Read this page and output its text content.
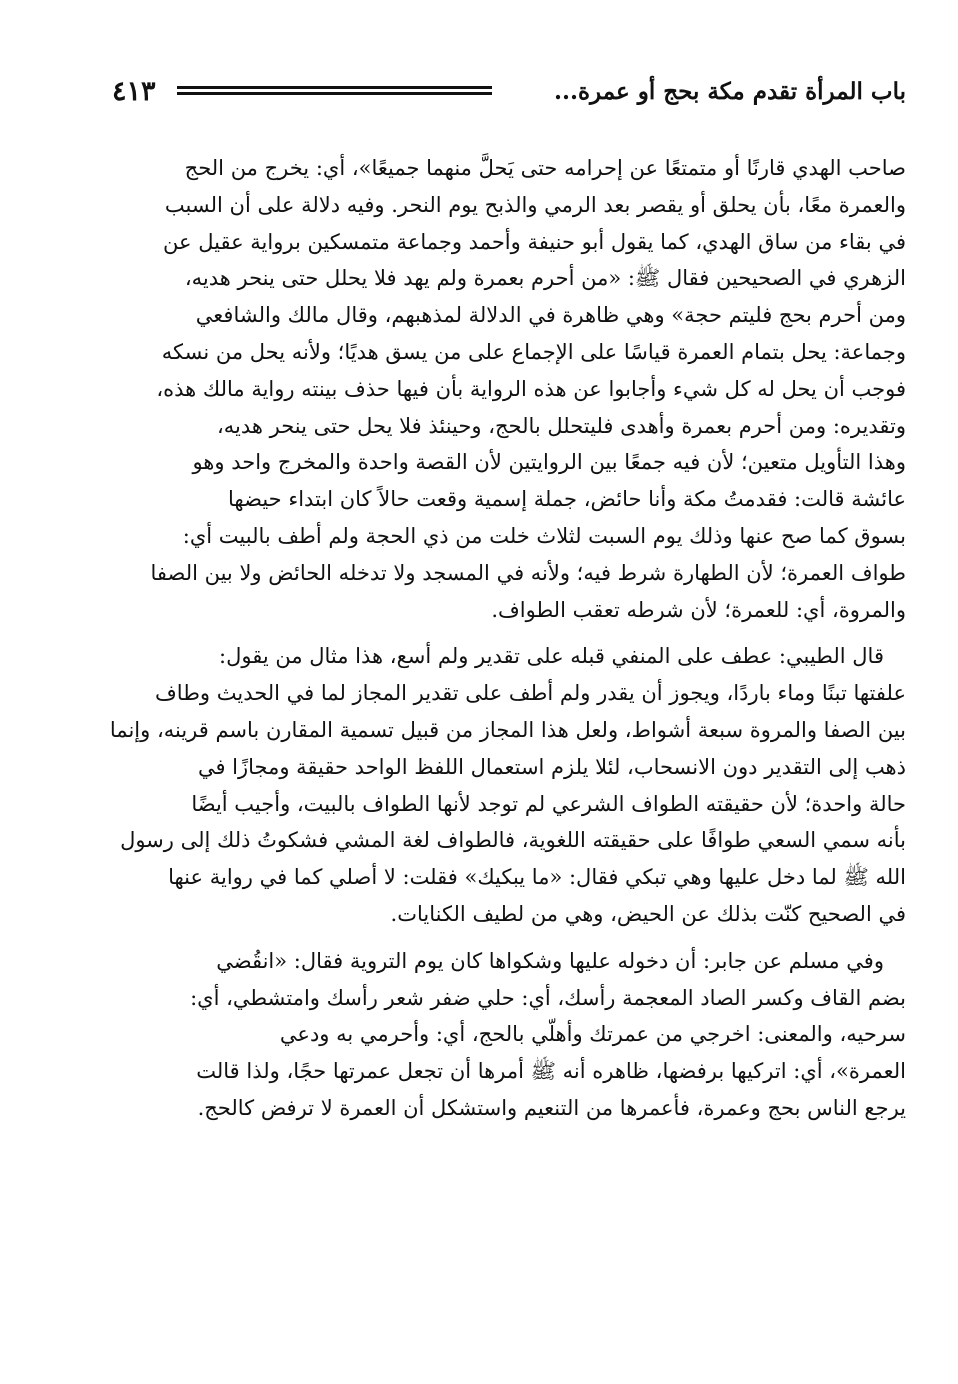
٤١٣	باب المرأة تقدم مكة بحج أو عمرة...
صاحب الهدي قارنًا أو متمتعًا عن إحرامه حتى يَحلَّ منهما جميعًا»، أي: يخرج من الحج
والعمرة معًا، بأن يحلق أو يقصر بعد الرمي والذبح يوم النحر. وفيه دلالة على أن السبب
في بقاء من ساق الهدي، كما يقول أبو حنيفة وأحمد وجماعة متمسكين برواية عقيل عن
الزهري في الصحيحين فقال ﷺ: «من أحرم بعمرة ولم يهد فلا يحلل حتى ينحر هديه،
ومن أحرم بحج فليتم حجة» وهي ظاهرة في الدلالة لمذهبهم، وقال مالك والشافعي
وجماعة: يحل بتمام العمرة قياسًا على الإجماع على من يسق هديًا؛ ولأنه يحل من نسكه
فوجب أن يحل له كل شيء وأجابوا عن هذه الرواية بأن فيها حذف بينته رواية مالك هذه،
وتقديره: ومن أحرم بعمرة وأهدى فليتحلل بالحج، وحينئذ فلا يحل حتى ينحر هديه،
وهذا التأويل متعين؛ لأن فيه جمعًا بين الروايتين لأن القصة واحدة والمخرج واحد وهو
عائشة قالت: فقدمتُ مكة وأنا حائض، جملة إسمية وقعت حالاً كان ابتداء حيضها
بسوق كما صح عنها وذلك يوم السبت لثلاث خلت من ذي الحجة ولم أطف بالبيت أي:
طواف العمرة؛ لأن الطهارة شرط فيه؛ ولأنه في المسجد ولا تدخله الحائض ولا بين الصفا
والمروة، أي: للعمرة؛ لأن شرطه تعقب الطواف.
قال الطيبي: عطف على المنفي قبله على تقدير ولم أسع، هذا مثال من يقول:
علفتها تبنًا وماء باردًا، ويجوز أن يقدر ولم أطف على تقدير المجاز لما في الحديث وطاف
بين الصفا والمروة سبعة أشواط، ولعل هذا المجاز من قبيل تسمية المقارن باسم قرينه، وإنما
ذهب إلى التقدير دون الانسحاب، لئلا يلزم استعمال اللفظ الواحد حقيقة ومجازًا في
حالة واحدة؛ لأن حقيقته الطواف الشرعي لم توجد لأنها الطواف بالبيت، وأجيب أيضًا
بأنه سمي السعي طوافًا على حقيقته اللغوية، فالطواف لغة المشي فشكوتُ ذلك إلى رسول
الله ﷺ لما دخل عليها وهي تبكي فقال: «ما يبكيك» فقلت: لا أصلي كما في رواية عنها
في الصحيح كنّت بذلك عن الحيض، وهي من لطيف الكنايات.
وفي مسلم عن جابر: أن دخوله عليها وشكواها كان يوم التروية فقال: «انقُضي
بضم القاف وكسر الصاد المعجمة رأسك، أي: حلي ضفر شعر رأسك وامتشطي، أي:
سرحيه، والمعنى: اخرجي من عمرتك وأهلّي بالحج، أي: وأحرمي به ودعي
العمرة»، أي: اتركيها برفضها، ظاهره أنه ﷺ أمرها أن تجعل عمرتها حجًا، ولذا قالت
يرجع الناس بحج وعمرة، فأعمرها من التنعيم واستشكل أن العمرة لا ترفض كالحج.
